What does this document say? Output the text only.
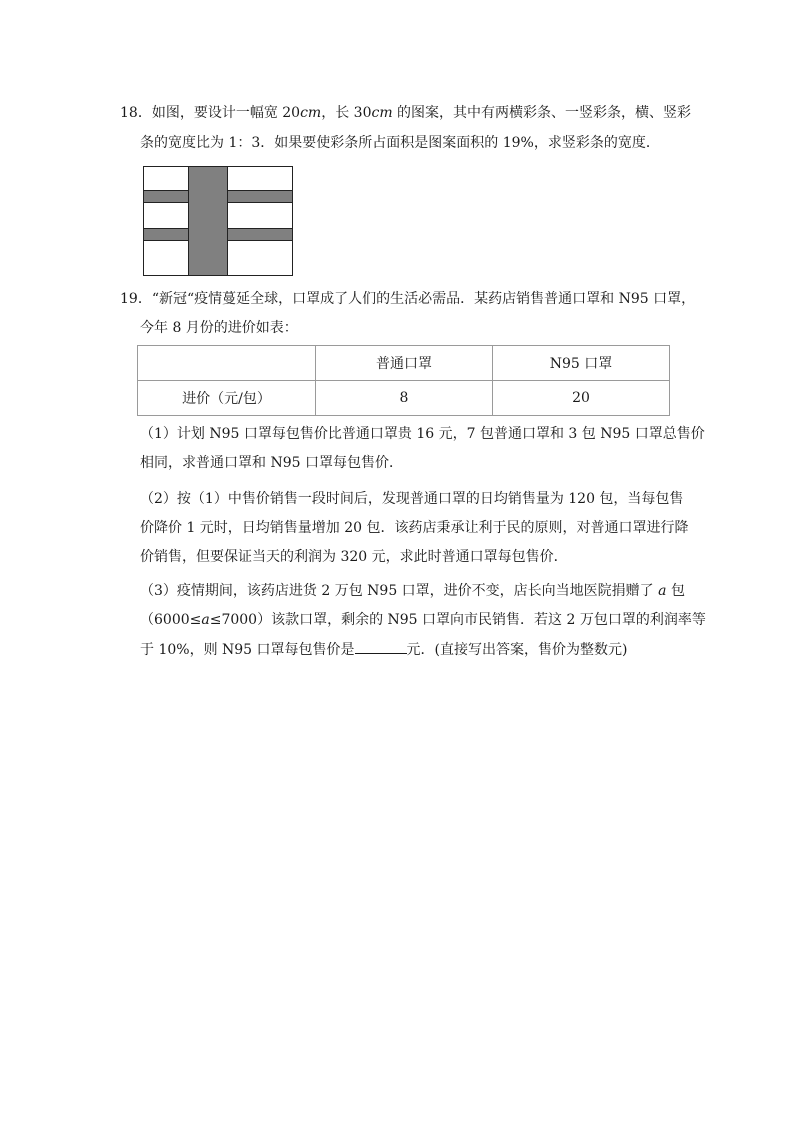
18．如图，要设计一幅宽 20cm，长 30cm 的图案，其中有两横彩条、一竖彩条，横、竖彩
条的宽度比为 1：3．如果要使彩条所占面积是图案面积的 19%，求竖彩条的宽度．
19．“新冠“疫情蔓延全球，口罩成了人们的生活必需品．某药店销售普通口罩和 N95 口罩，
今年 8 月份的进价如表：
	普通口罩	N95 口罩
进价（元/包）	8	20
（1）计划 N95 口罩每包售价比普通口罩贵 16 元，7 包普通口罩和 3 包 N95 口罩总售价
相同，求普通口罩和 N95 口罩每包售价．
（2）按（1）中售价销售一段时间后，发现普通口罩的日均销售量为 120 包，当每包售
价降价 1 元时，日均销售量增加 20 包．该药店秉承让利于民的原则，对普通口罩进行降
价销售，但要保证当天的利润为 320 元，求此时普通口罩每包售价．
（3）疫情期间，该药店进货 2 万包 N95 口罩，进价不变，店长向当地医院捐赠了 a 包
（6000≤a≤7000）该款口罩，剩余的 N95 口罩向市民销售．若这 2 万包口罩的利润率等
于 10%，则 N95 口罩每包售价是	元．(直接写出答案，售价为整数元)
